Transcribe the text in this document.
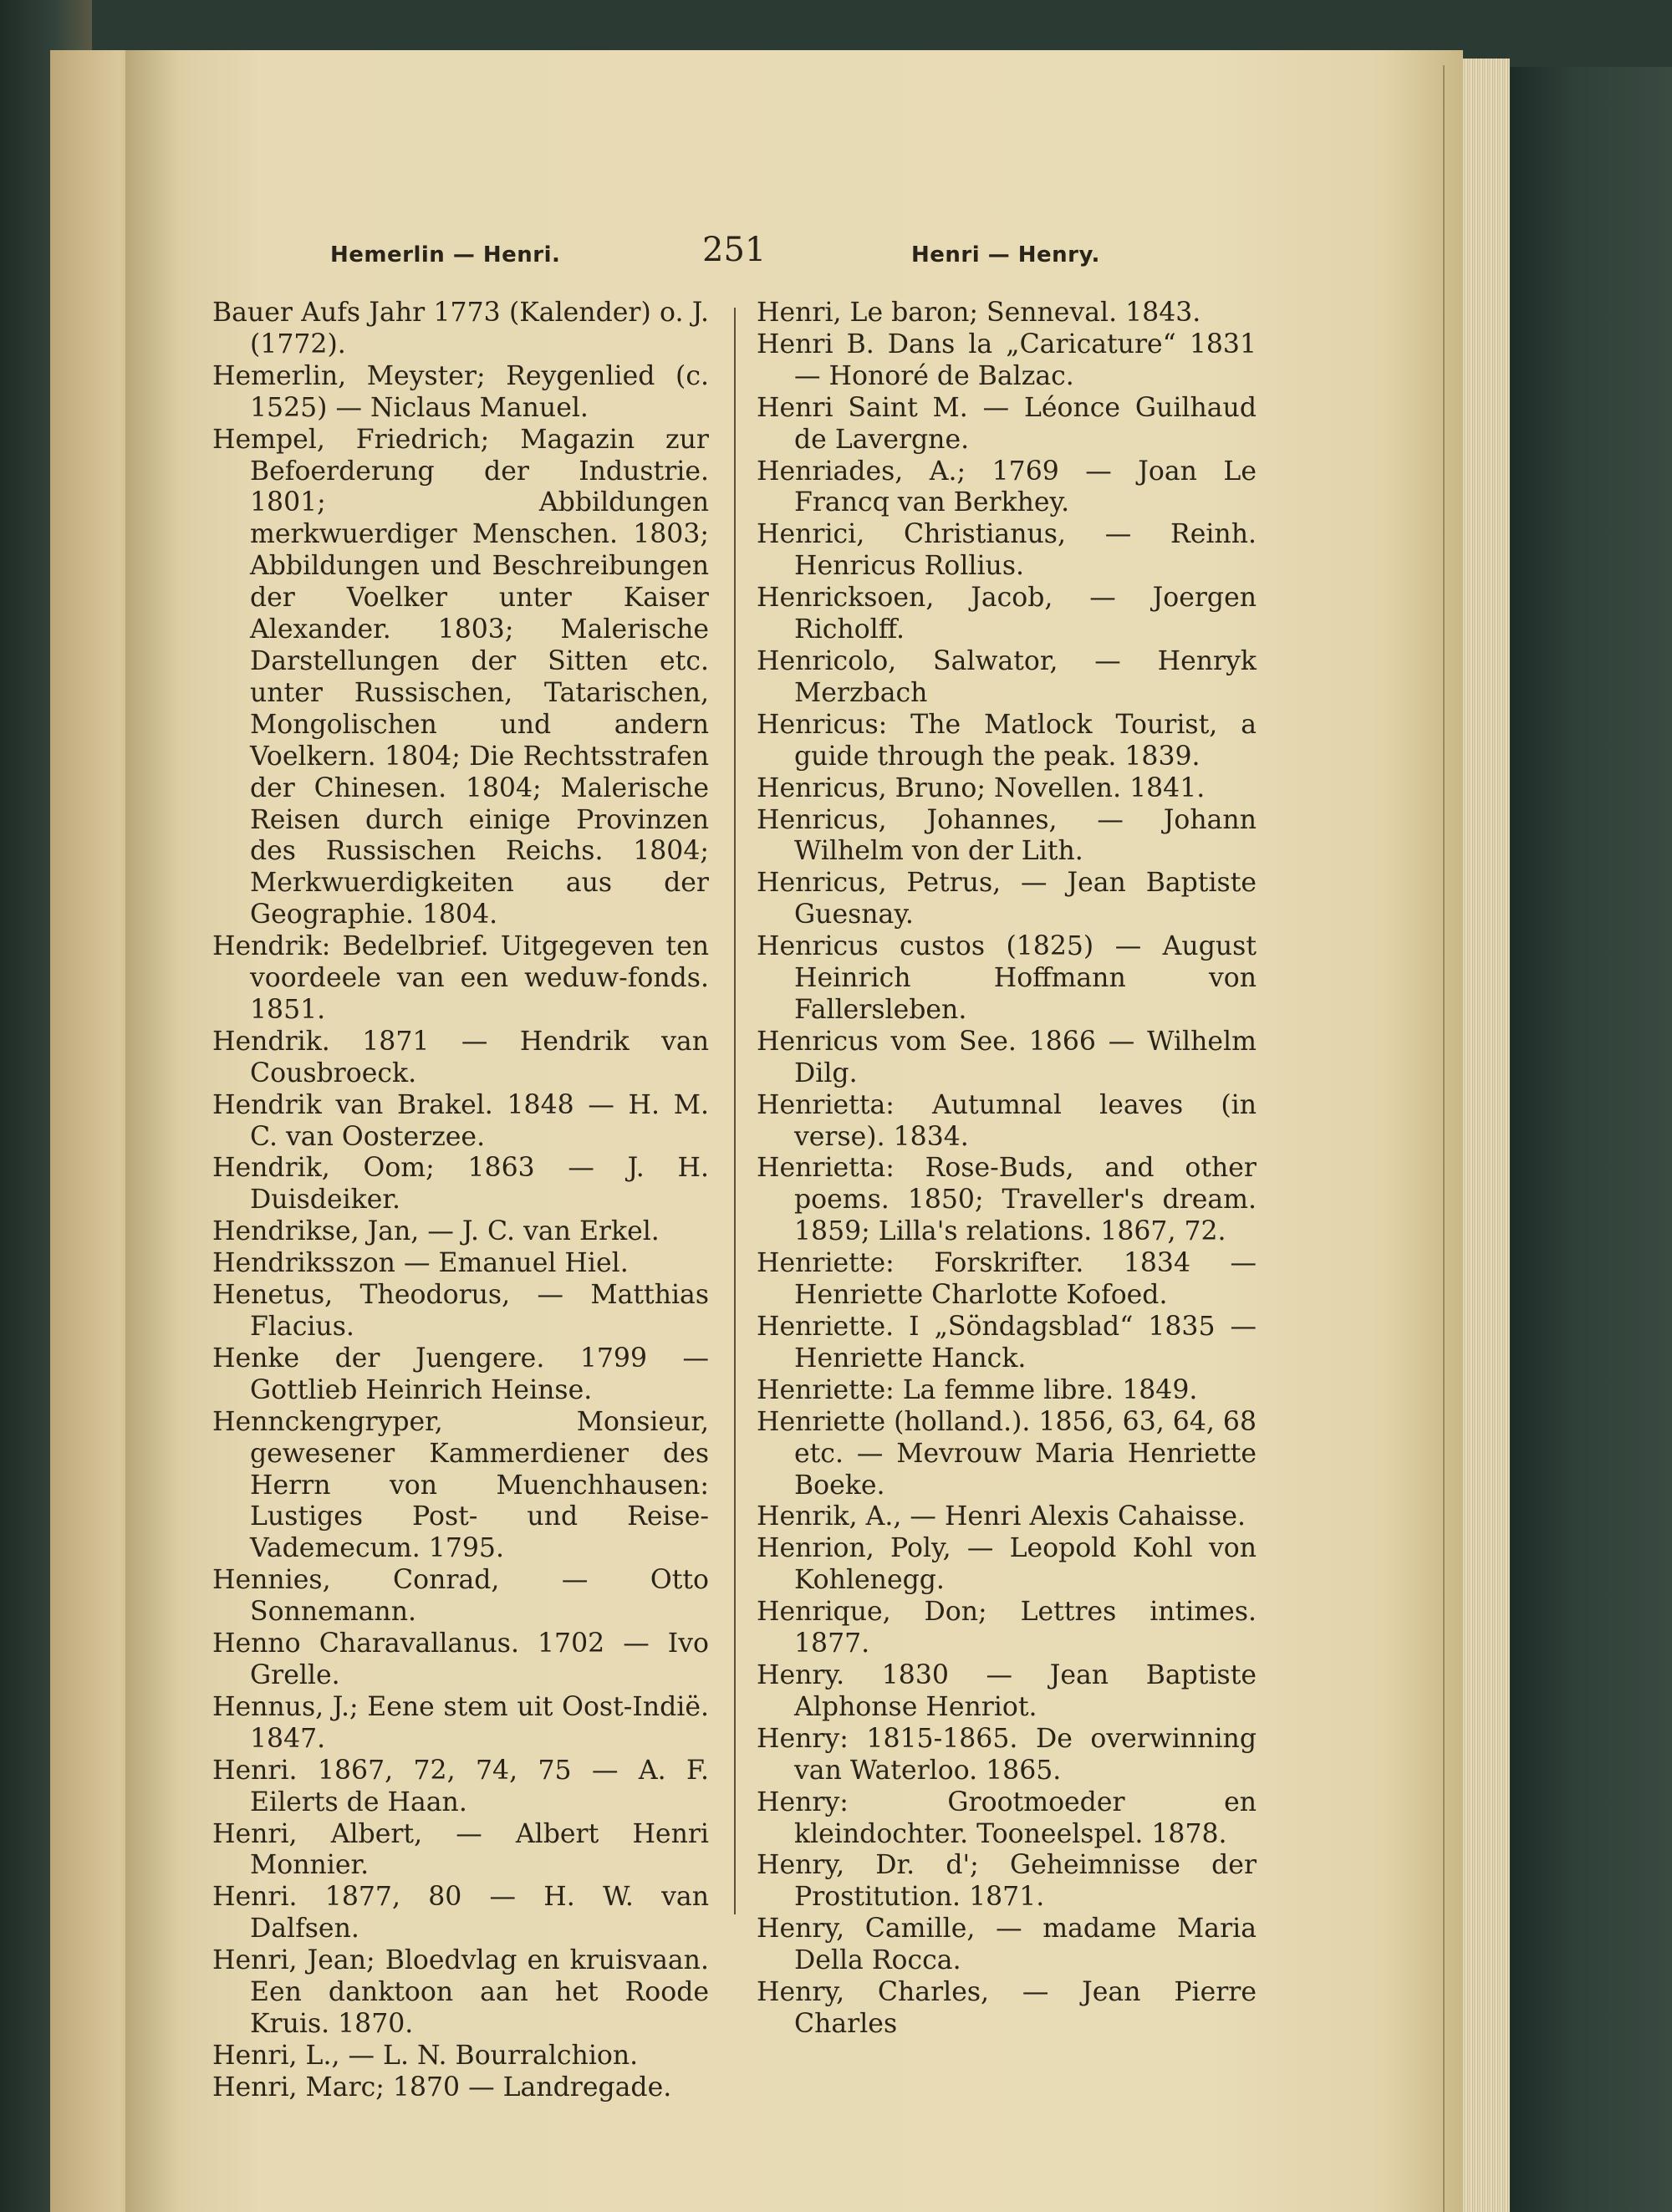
Hemerlin — Henri.	251	Henri — Henry.

Bauer Aufs Jahr 1773 (Kalender) o. J. (1772).

Hemerlin, Meyster; Reygenlied (c. 1525) — Niclaus Manuel.

Hempel, Friedrich; Magazin zur Befoerderung der Industrie. 1801; Abbildungen merkwuerdiger Menschen. 1803; Abbildungen und Beschreibungen der Voelker unter Kaiser Alexander. 1803; Malerische Darstellungen der Sitten etc. unter Russischen, Tatarischen, Mongolischen und andern Voelkern. 1804; Die Rechtsstrafen der Chinesen. 1804; Malerische Reisen durch einige Provinzen des Russischen Reichs. 1804; Merkwuerdigkeiten aus der Geographie. 1804.

Hendrik: Bedelbrief. Uitgegeven ten voordeele van een weduw-fonds. 1851.

Hendrik. 1871 — Hendrik van Cousbroeck.

Hendrik van Brakel. 1848 — H. M. C. van Oosterzee.

Hendrik, Oom; 1863 — J. H. Duisdeiker.

Hendrikse, Jan, — J. C. van Erkel.

Hendriksszon — Emanuel Hiel.

Henetus, Theodorus, — Matthias Flacius.

Henke der Juengere. 1799 — Gottlieb Heinrich Heinse.

Hennckengryper, Monsieur, gewesener Kammerdiener des Herrn von Muenchhausen: Lustiges Post- und Reise-Vademecum. 1795.

Hennies, Conrad, — Otto Sonnemann.

Henno Charavallanus. 1702 — Ivo Grelle.

Hennus, J.; Eene stem uit Oost-Indië. 1847.

Henri. 1867, 72, 74, 75 — A. F. Eilerts de Haan.

Henri, Albert, — Albert Henri Monnier.

Henri. 1877, 80 — H. W. van Dalfsen.

Henri, Jean; Bloedvlag en kruisvaan. Een danktoon aan het Roode Kruis. 1870.

Henri, L., — L. N. Bourralchion.

Henri, Marc; 1870 — Landregade.

Henri, Le baron; Senneval. 1843.

Henri B. Dans la „Caricature“ 1831 — Honoré de Balzac.

Henri Saint M. — Léonce Guilhaud de Lavergne.

Henriades, A.; 1769 — Joan Le Francq van Berkhey.

Henrici, Christianus, — Reinh. Henricus Rollius.

Henricksoen, Jacob, — Joergen Richolff.

Henricolo, Salwator, — Henryk Merzbach

Henricus: The Matlock Tourist, a guide through the peak. 1839.

Henricus, Bruno; Novellen. 1841.

Henricus, Johannes, — Johann Wilhelm von der Lith.

Henricus, Petrus, — Jean Baptiste Guesnay.

Henricus custos (1825) — August Heinrich Hoffmann von Fallersleben.

Henricus vom See. 1866 — Wilhelm Dilg.

Henrietta: Autumnal leaves (in verse). 1834.

Henrietta: Rose-Buds, and other poems. 1850; Traveller's dream. 1859; Lilla's relations. 1867, 72.

Henriette: Forskrifter. 1834 — Henriette Charlotte Kofoed.

Henriette. I „Söndagsblad“ 1835 — Henriette Hanck.

Henriette: La femme libre. 1849.

Henriette (holland.). 1856, 63, 64, 68 etc. — Mevrouw Maria Henriette Boeke.

Henrik, A., — Henri Alexis Cahaisse.

Henrion, Poly, — Leopold Kohl von Kohlenegg.

Henrique, Don; Lettres intimes. 1877.

Henry. 1830 — Jean Baptiste Alphonse Henriot.

Henry: 1815-1865. De overwinning van Waterloo. 1865.

Henry: Grootmoeder en kleindochter. Tooneelspel. 1878.

Henry, Dr. d'; Geheimnisse der Prostitution. 1871.

Henry, Camille, — madame Maria Della Rocca.

Henry, Charles, — Jean Pierre Charles
